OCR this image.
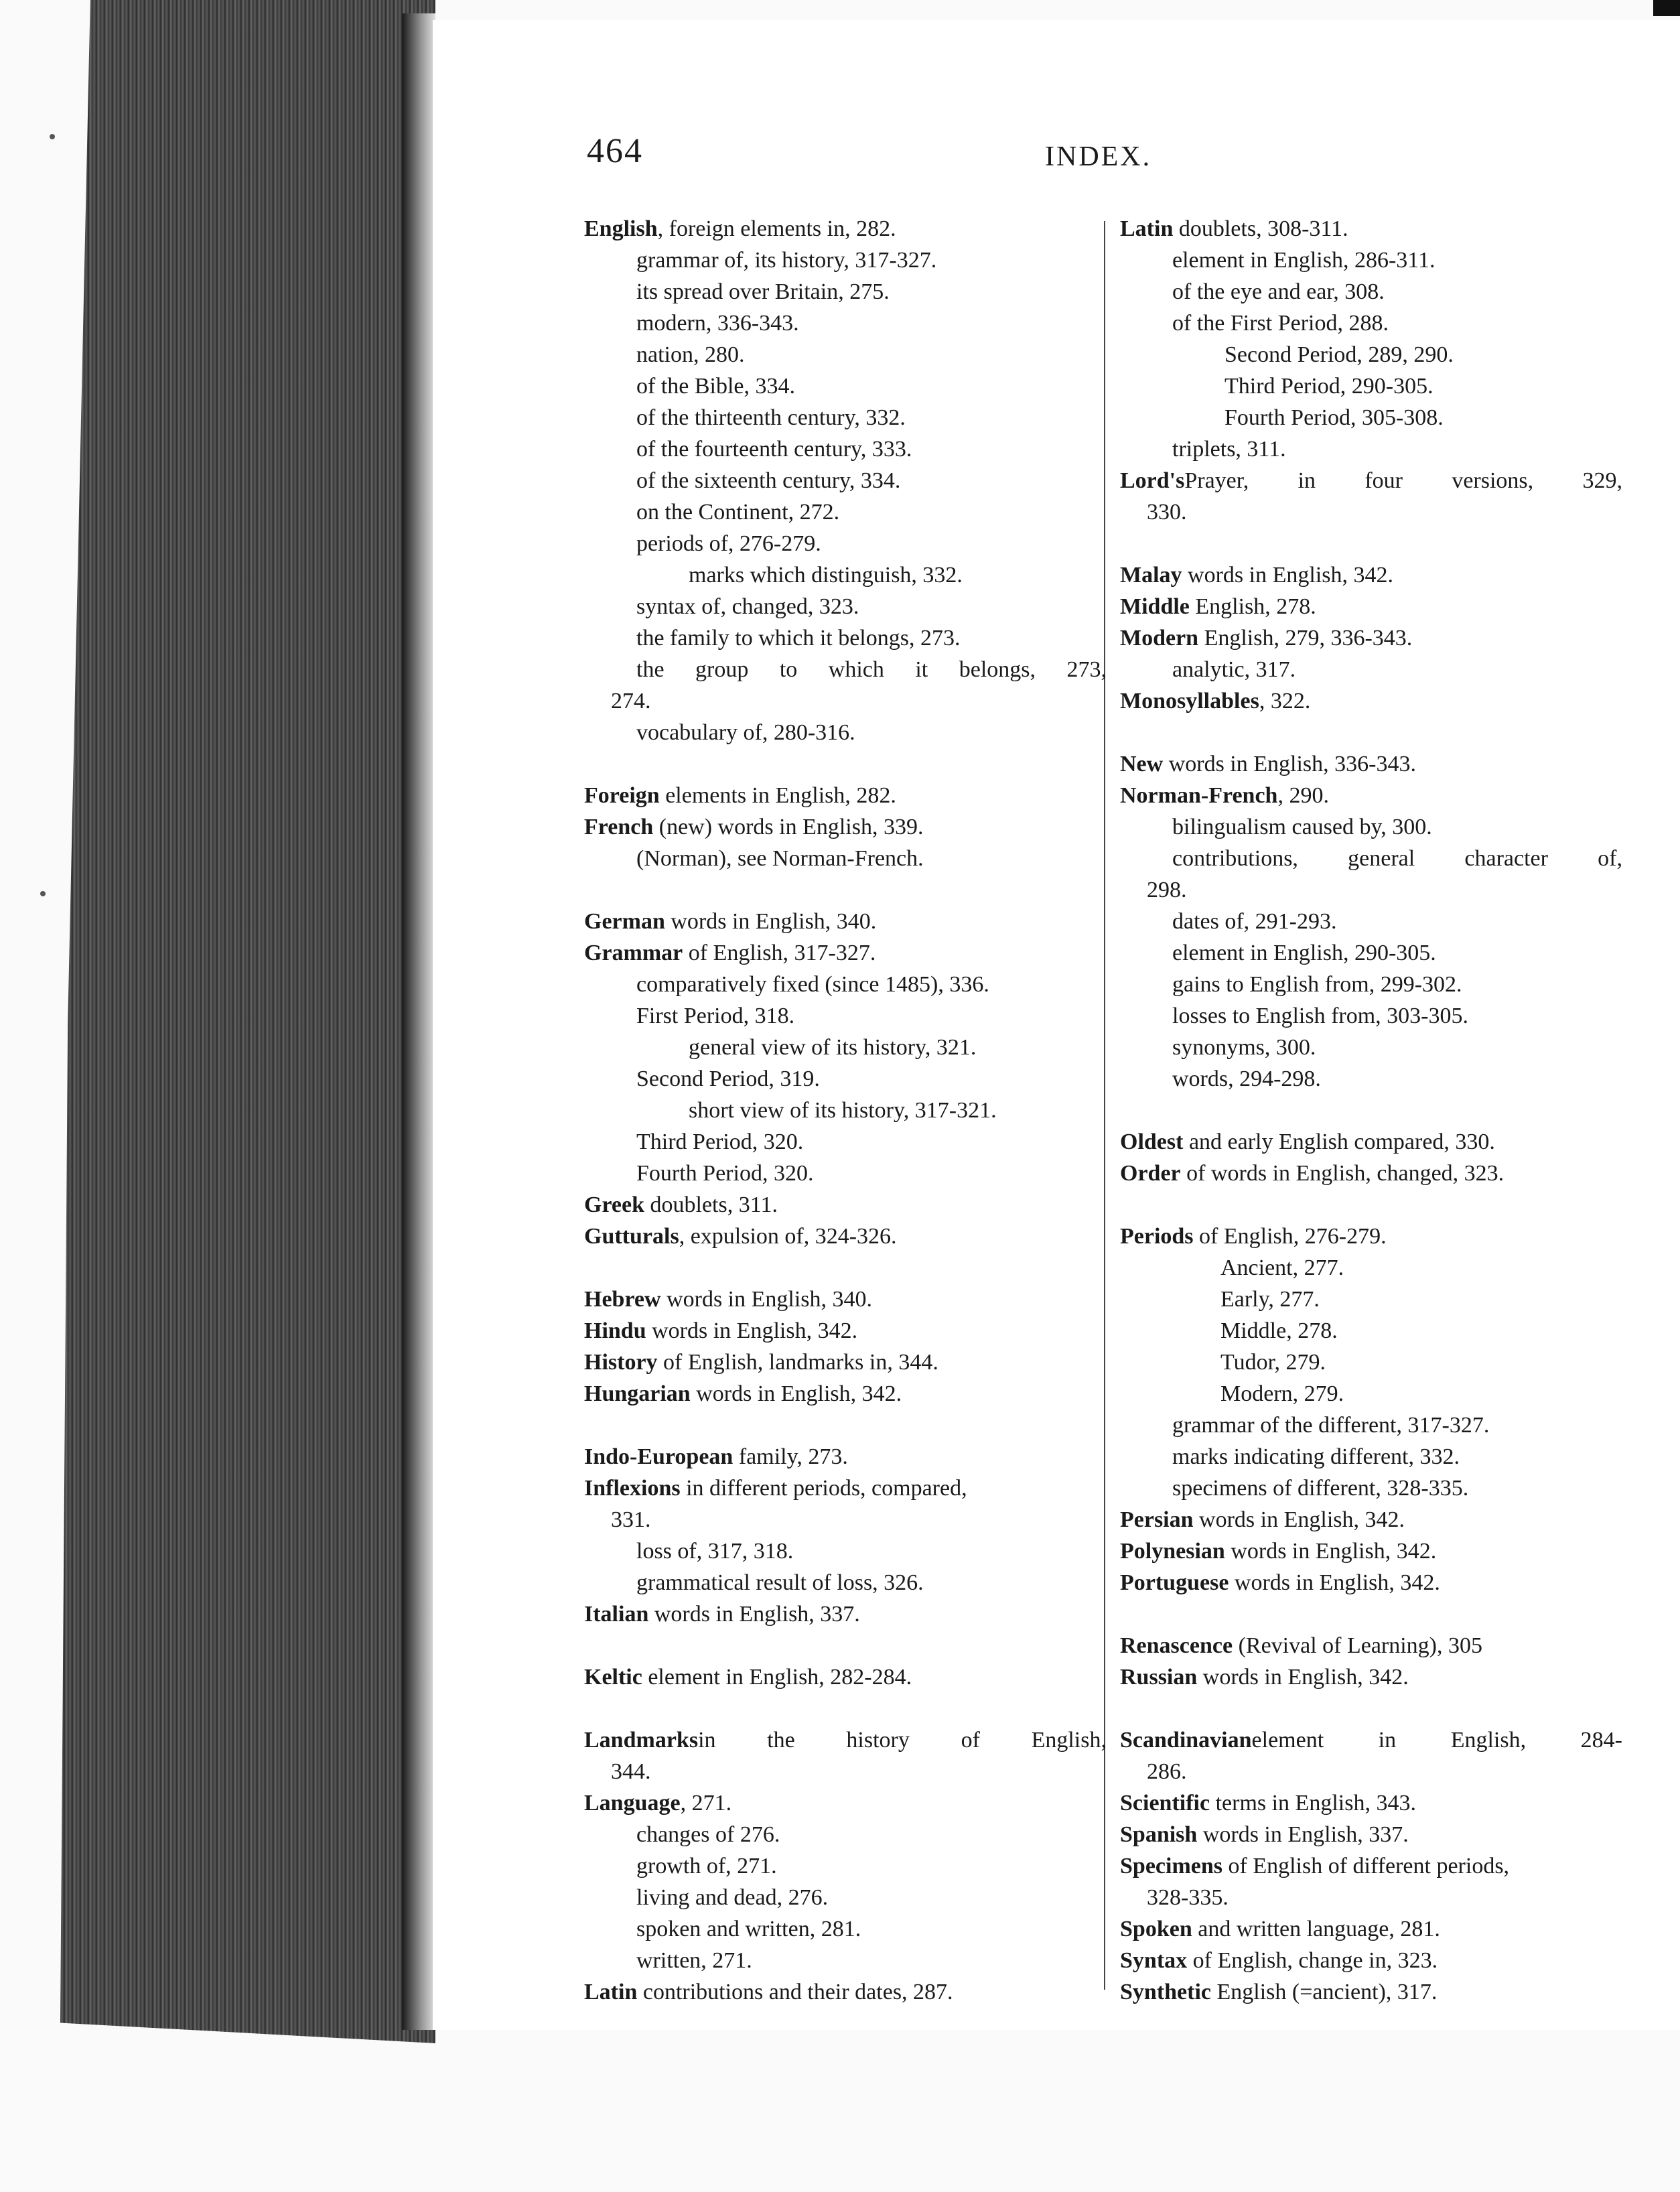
464	INDEX.
English, foreign elements in, 282.
grammar of, its history, 317-327.
its spread over Britain, 275.
modern, 336-343.
nation, 280.
of the Bible, 334.
of the thirteenth century, 332.
of the fourteenth century, 333.
of the sixteenth century, 334.
on the Continent, 272.
periods of, 276-279.
marks which distinguish, 332.
syntax of, changed, 323.
the family to which it belongs, 273.
the group to which it belongs, 273,
274.
vocabulary of, 280-316.
Foreign elements in English, 282.
French (new) words in English, 339.
(Norman), see Norman-French.
German words in English, 340.
Grammar of English, 317-327.
comparatively fixed (since 1485), 336.
First Period, 318.
general view of its history, 321.
Second Period, 319.
short view of its history, 317-321.
Third Period, 320.
Fourth Period, 320.
Greek doublets, 311.
Gutturals, expulsion of, 324-326.
Hebrew words in English, 340.
Hindu words in English, 342.
History of English, landmarks in, 344.
Hungarian words in English, 342.
Indo-European family, 273.
Inflexions in different periods, compared,
331.
loss of, 317, 318.
grammatical result of loss, 326.
Italian words in English, 337.
Keltic element in English, 282-284.
Landmarks in the history of English,
344.
Language, 271.
changes of 276.
growth of, 271.
living and dead, 276.
spoken and written, 281.
written, 271.
Latin contributions and their dates, 287.
Latin doublets, 308-311.
element in English, 286-311.
of the eye and ear, 308.
of the First Period, 288.
Second Period, 289, 290.
Third Period, 290-305.
Fourth Period, 305-308.
triplets, 311.
Lord's Prayer, in four versions, 329,
330.
Malay words in English, 342.
Middle English, 278.
Modern English, 279, 336-343.
analytic, 317.
Monosyllables, 322.
New words in English, 336-343.
Norman-French, 290.
bilingualism caused by, 300.
contributions, general character of,
298.
dates of, 291-293.
element in English, 290-305.
gains to English from, 299-302.
losses to English from, 303-305.
synonyms, 300.
words, 294-298.
Oldest and early English compared, 330.
Order of words in English, changed, 323.
Periods of English, 276-279.
Ancient, 277.
Early, 277.
Middle, 278.
Tudor, 279.
Modern, 279.
grammar of the different, 317-327.
marks indicating different, 332.
specimens of different, 328-335.
Persian words in English, 342.
Polynesian words in English, 342.
Portuguese words in English, 342.
Renascence (Revival of Learning), 305
Russian words in English, 342.
Scandinavian element in English, 284-
286.
Scientific terms in English, 343.
Spanish words in English, 337.
Specimens of English of different periods,
328-335.
Spoken and written language, 281.
Syntax of English, change in, 323.
Synthetic English (=ancient), 317.
